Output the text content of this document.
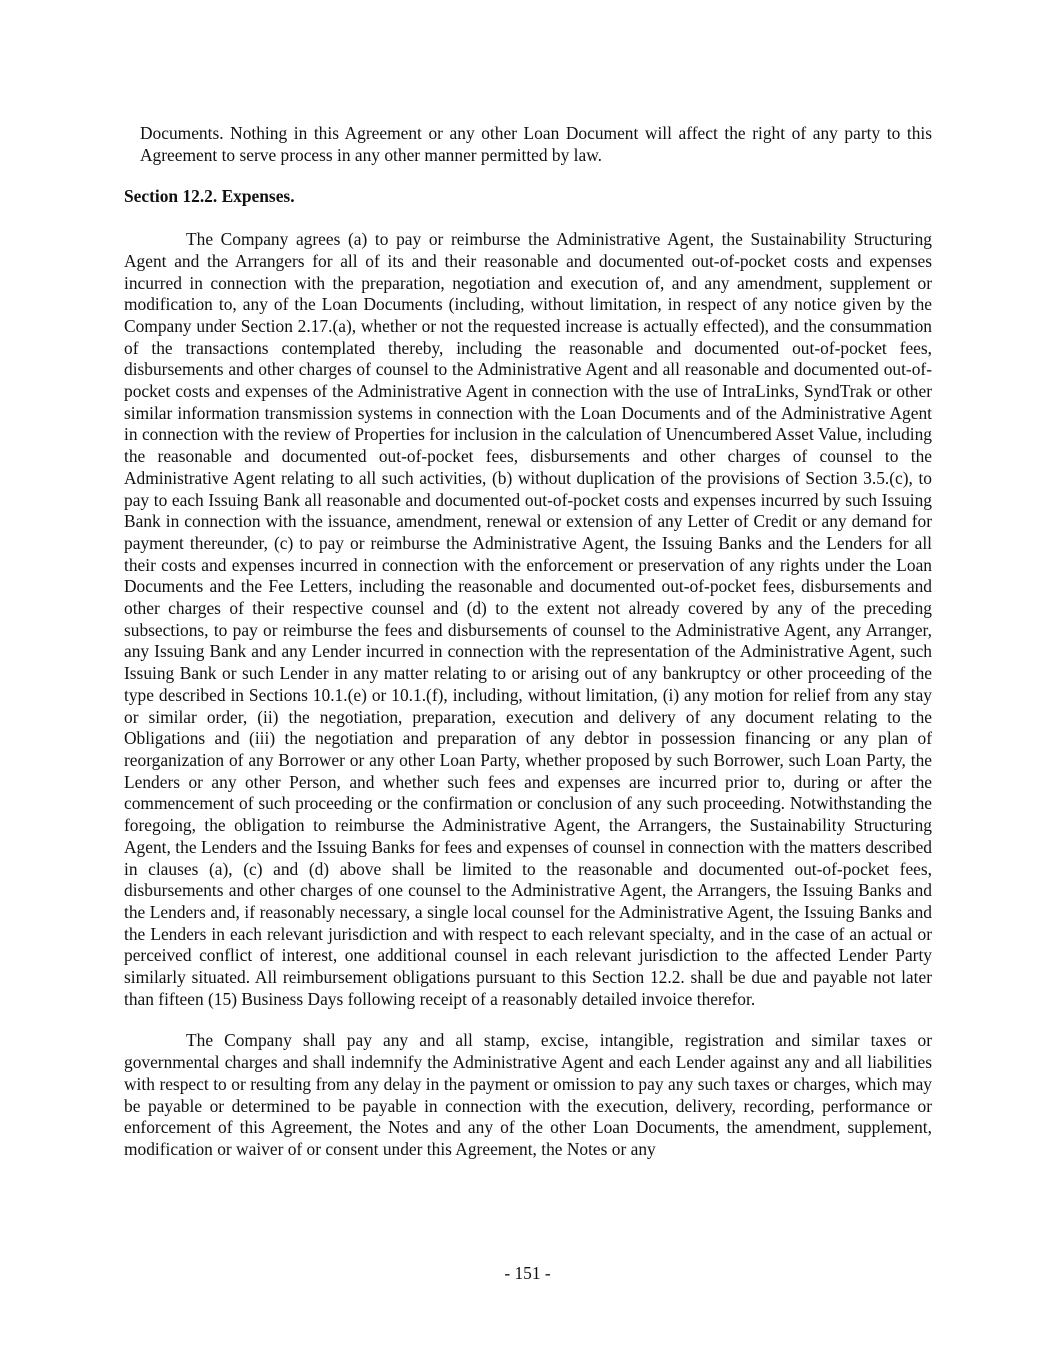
Documents. Nothing in this Agreement or any other Loan Document will affect the right of any party to this Agreement to serve process in any other manner permitted by law.

Section 12.2. Expenses.

The Company agrees (a) to pay or reimburse the Administrative Agent, the Sustainability Structuring Agent and the Arrangers for all of its and their reasonable and documented out-of-pocket costs and expenses incurred in connection with the preparation, negotiation and execution of, and any amendment, supplement or modification to, any of the Loan Documents (including, without limitation, in respect of any notice given by the Company under Section 2.17.(a), whether or not the requested increase is actually effected), and the consummation of the transactions contemplated thereby, including the reasonable and documented out-of-pocket fees, disbursements and other charges of counsel to the Administrative Agent and all reasonable and documented out-of-pocket costs and expenses of the Administrative Agent in connection with the use of IntraLinks, SyndTrak or other similar information transmission systems in connection with the Loan Documents and of the Administrative Agent in connection with the review of Properties for inclusion in the calculation of Unencumbered Asset Value, including the reasonable and documented out-of-pocket fees, disbursements and other charges of counsel to the Administrative Agent relating to all such activities, (b) without duplication of the provisions of Section 3.5.(c), to pay to each Issuing Bank all reasonable and documented out-of-pocket costs and expenses incurred by such Issuing Bank in connection with the issuance, amendment, renewal or extension of any Letter of Credit or any demand for payment thereunder, (c) to pay or reimburse the Administrative Agent, the Issuing Banks and the Lenders for all their costs and expenses incurred in connection with the enforcement or preservation of any rights under the Loan Documents and the Fee Letters, including the reasonable and documented out-of-pocket fees, disbursements and other charges of their respective counsel and (d) to the extent not already covered by any of the preceding subsections, to pay or reimburse the fees and disbursements of counsel to the Administrative Agent, any Arranger, any Issuing Bank and any Lender incurred in connection with the representation of the Administrative Agent, such Issuing Bank or such Lender in any matter relating to or arising out of any bankruptcy or other proceeding of the type described in Sections 10.1.(e) or 10.1.(f), including, without limitation, (i) any motion for relief from any stay or similar order, (ii) the negotiation, preparation, execution and delivery of any document relating to the Obligations and (iii) the negotiation and preparation of any debtor in possession financing or any plan of reorganization of any Borrower or any other Loan Party, whether proposed by such Borrower, such Loan Party, the Lenders or any other Person, and whether such fees and expenses are incurred prior to, during or after the commencement of such proceeding or the confirmation or conclusion of any such proceeding. Notwithstanding the foregoing, the obligation to reimburse the Administrative Agent, the Arrangers, the Sustainability Structuring Agent, the Lenders and the Issuing Banks for fees and expenses of counsel in connection with the matters described in clauses (a), (c) and (d) above shall be limited to the reasonable and documented out-of-pocket fees, disbursements and other charges of one counsel to the Administrative Agent, the Arrangers, the Issuing Banks and the Lenders and, if reasonably necessary, a single local counsel for the Administrative Agent, the Issuing Banks and the Lenders in each relevant jurisdiction and with respect to each relevant specialty, and in the case of an actual or perceived conflict of interest, one additional counsel in each relevant jurisdiction to the affected Lender Party similarly situated. All reimbursement obligations pursuant to this Section 12.2. shall be due and payable not later than fifteen (15) Business Days following receipt of a reasonably detailed invoice therefor.

The Company shall pay any and all stamp, excise, intangible, registration and similar taxes or governmental charges and shall indemnify the Administrative Agent and each Lender against any and all liabilities with respect to or resulting from any delay in the payment or omission to pay any such taxes or charges, which may be payable or determined to be payable in connection with the execution, delivery, recording, performance or enforcement of this Agreement, the Notes and any of the other Loan Documents, the amendment, supplement, modification or waiver of or consent under this Agreement, the Notes or any

- 151 -
